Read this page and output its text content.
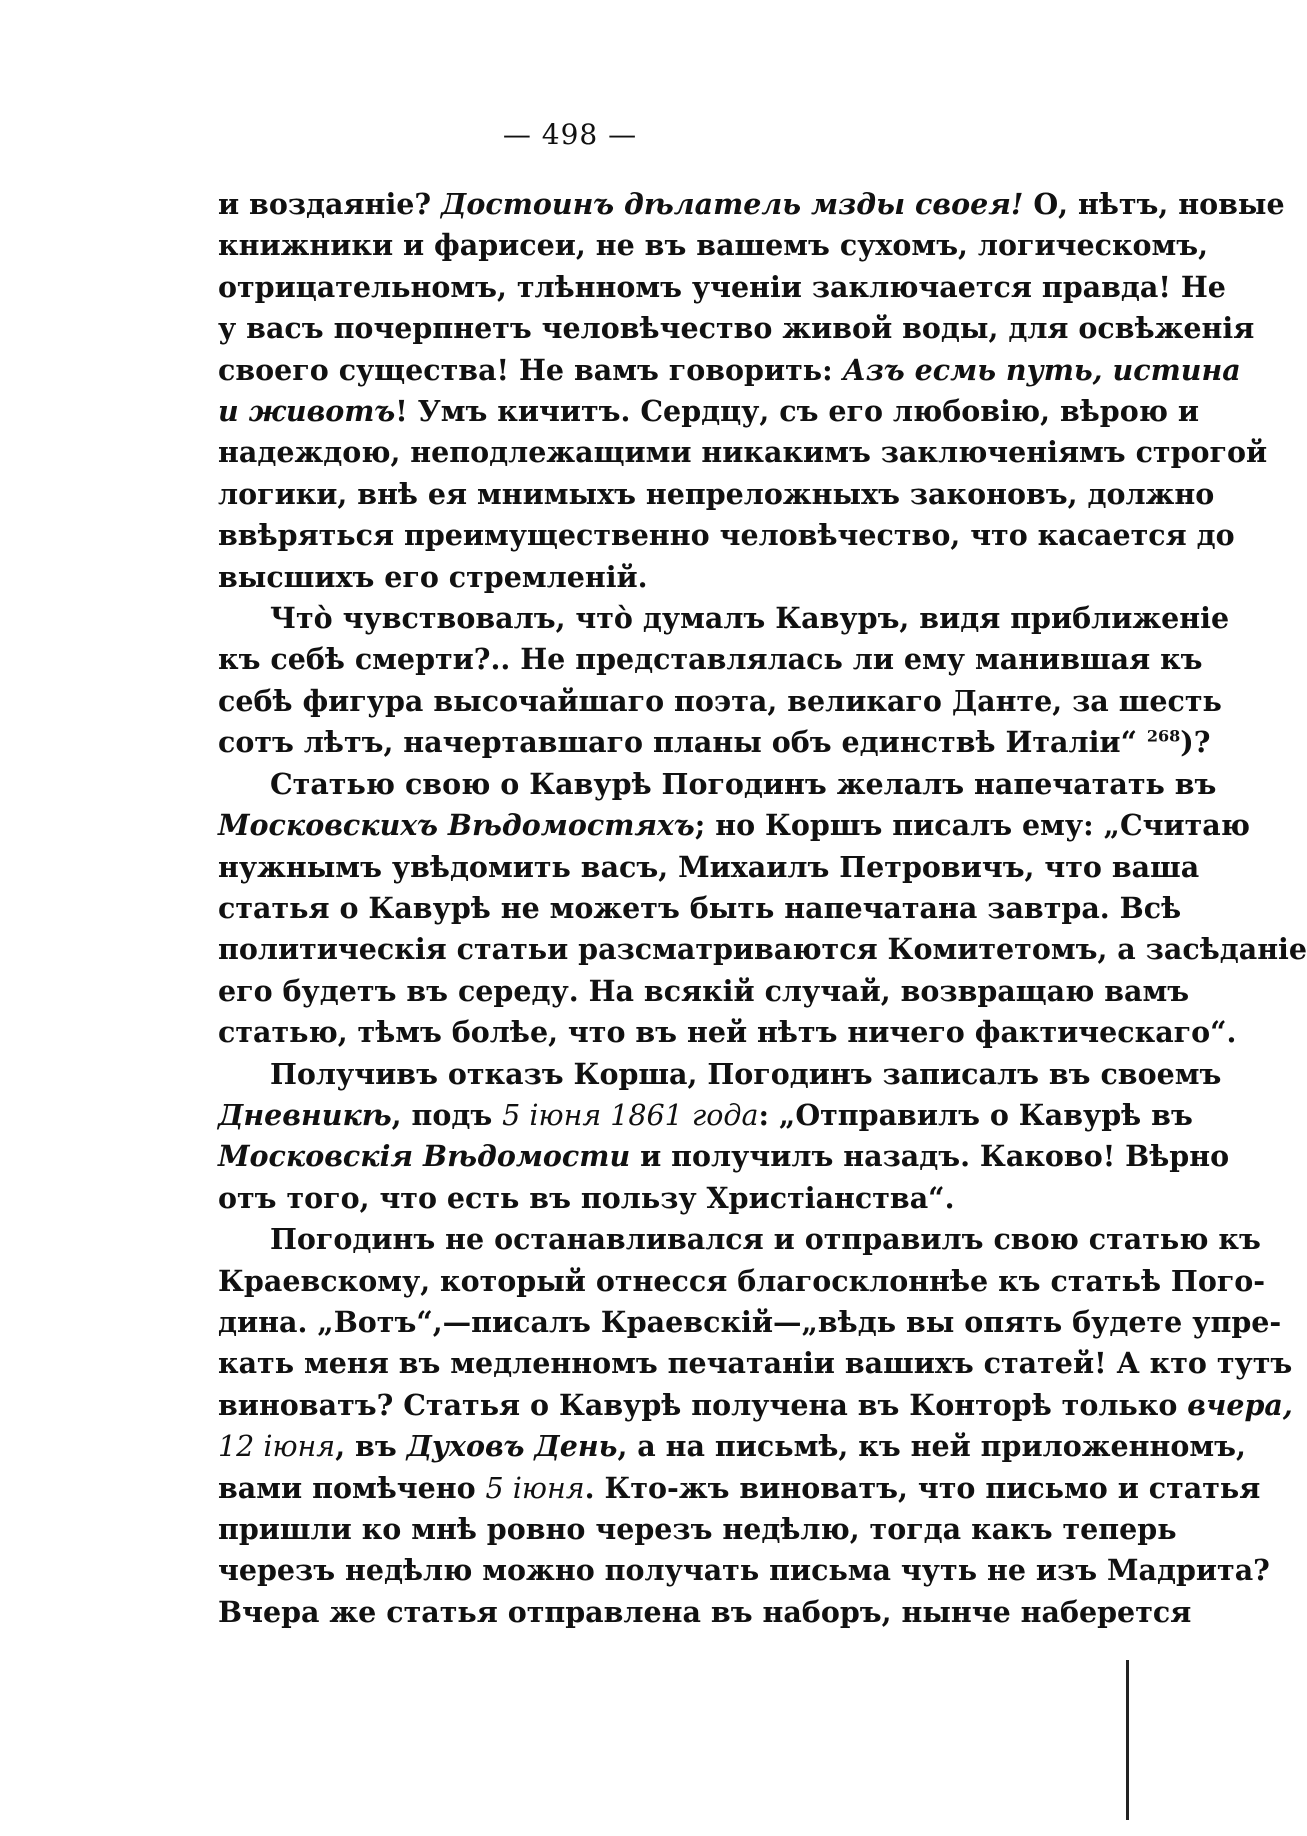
— 498 —
и воздаяніе? Достоинъ дѣлатель мзды своея! О, нѣтъ, новые
книжники и фарисеи, не въ вашемъ сухомъ, логическомъ,
отрицательномъ, тлѣнномъ ученіи заключается правда! Не
у васъ почерпнетъ человѣчество живой воды, для освѣженія
своего существа! Не вамъ говорить: Азъ есмь путь, истина
и животъ! Умъ кичитъ. Сердцу, съ его любовію, вѣрою и
надеждою, неподлежащими никакимъ заключеніямъ строгой
логики, внѣ ея мнимыхъ непреложныхъ законовъ, должно
ввѣряться преимущественно человѣчество, что касается до
высшихъ его стремленій.
Чтò чувствовалъ, чтò думалъ Кавуръ, видя приближеніе
къ себѣ смерти?.. Не представлялась ли ему манившая къ
себѣ фигура высочайшаго поэта, великаго Данте, за шесть
сотъ лѣтъ, начертавшаго планы объ единствѣ Италіи“ $^{268}$)?
Статью свою о Кавурѣ Погодинъ желалъ напечатать въ
Московскихъ Вѣдомостяхъ; но Коршъ писалъ ему: „Считаю
нужнымъ увѣдомить васъ, Михаилъ Петровичъ, что ваша
статья о Кавурѣ не можетъ быть напечатана завтра. Всѣ
политическія статьи разсматриваются Комитетомъ, а засѣданіе
его будетъ въ середу. На всякій случай, возвращаю вамъ
статью, тѣмъ болѣе, что въ ней нѣтъ ничего фактическаго“.
Получивъ отказъ Корша, Погодинъ записалъ въ своемъ
Дневникѣ, подъ 5 іюня 1861 года: „Отправилъ о Кавурѣ въ
Московскія Вѣдомости и получилъ назадъ. Каково! Вѣрно
отъ того, что есть въ пользу Христіанства“.
Погодинъ не останавливался и отправилъ свою статью къ
Краевскому, который отнесся благосклоннѣе къ статьѣ Пого-
дина. „Вотъ“,—писалъ Краевскій—„вѣдь вы опять будете упре-
кать меня въ медленномъ печатаніи вашихъ статей! А кто тутъ
виноватъ? Статья о Кавурѣ получена въ Конторѣ только вчера,
12 іюня, въ Духовъ День, а на письмѣ, къ ней приложенномъ,
вами помѣчено 5 іюня. Кто-жъ виноватъ, что письмо и статья
пришли ко мнѣ ровно черезъ недѣлю, тогда какъ теперь
черезъ недѣлю можно получать письма чуть не изъ Мадрита?
Вчера же статья отправлена въ наборъ, нынче наберется
